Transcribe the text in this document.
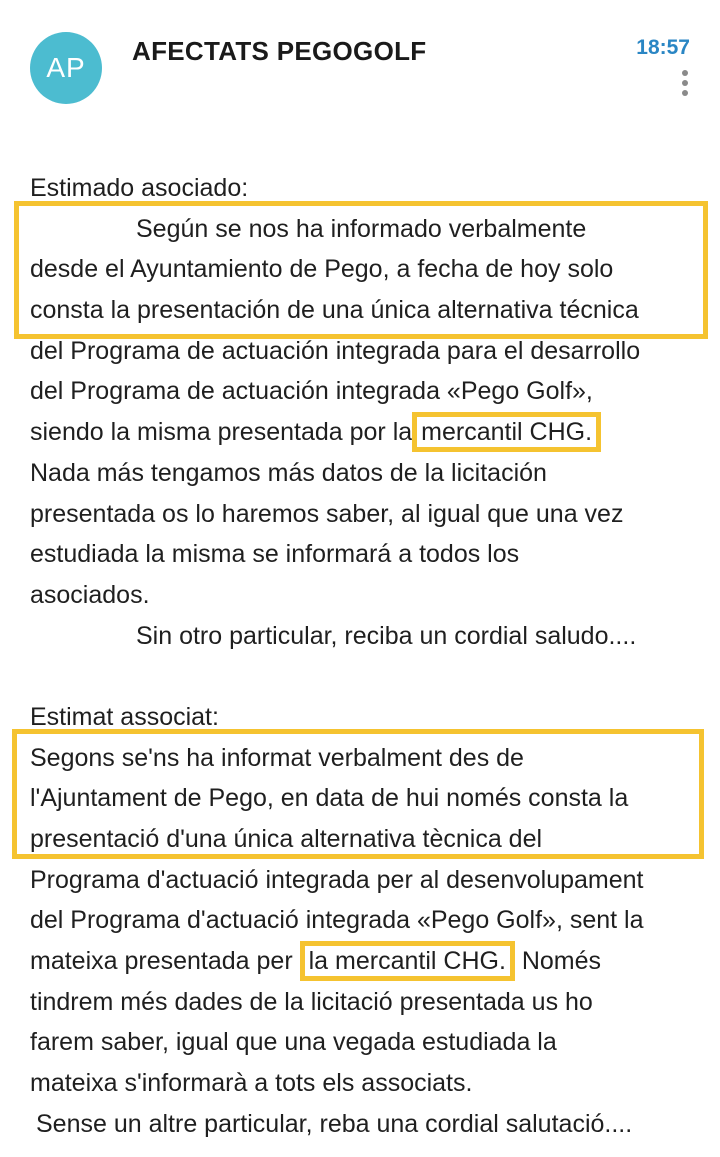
AP
AFECTATS PEGOGOLF	18:57
Estimado asociado:
Según se nos ha informado verbalmente
desde el Ayuntamiento de Pego, a fecha de hoy solo
consta la presentación de una única alternativa técnica
del Programa de actuación integrada para el desarrollo
del Programa de actuación integrada «Pego Golf»,
siendo la misma presentada por la mercantil CHG.
Nada más tengamos más datos de la licitación
presentada os lo haremos saber, al igual que una vez
estudiada la misma se informará a todos los
asociados.
Sin otro particular, reciba un cordial saludo....
Estimat associat:
Segons se'ns ha informat verbalment des de
l'Ajuntament de Pego, en data de hui només consta la
presentació d'una única alternativa tècnica del
Programa d'actuació integrada per al desenvolupament
del Programa d'actuació integrada «Pego Golf», sent la
mateixa presentada per la mercantil CHG. Només
tindrem més dades de la licitació presentada us ho
farem saber, igual que una vegada estudiada la
mateixa s'informarà a tots els associats.
Sense un altre particular, reba una cordial salutació....
